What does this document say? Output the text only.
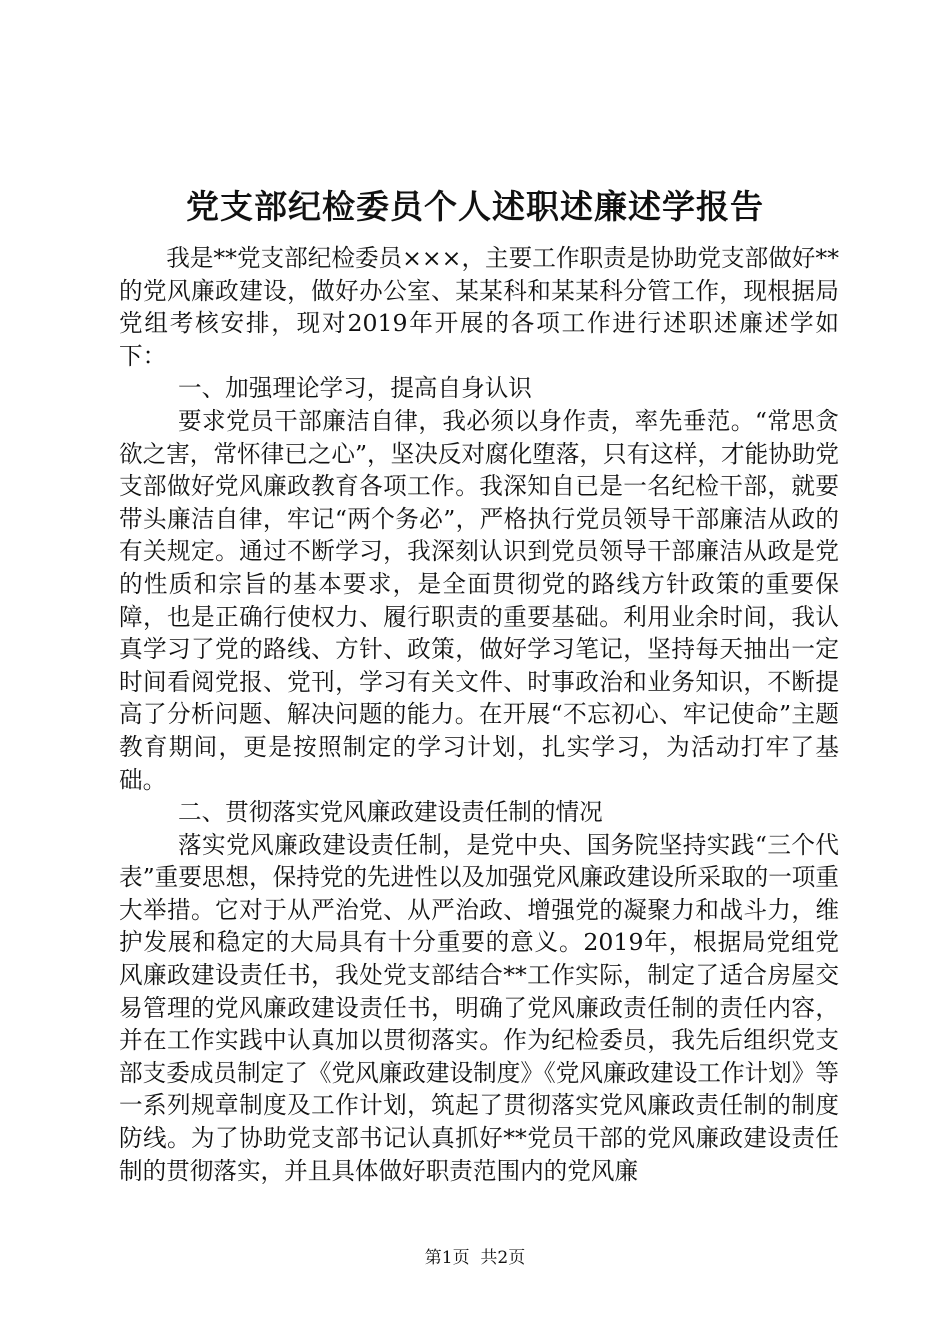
党支部纪检委员个人述职述廉述学报告

我是**党支部纪检委员×××，主要工作职责是协助党支部做好**的党风廉政建设，做好办公室、某某科和某某科分管工作，现根据局党组考核安排，现对2019年开展的各项工作进行述职述廉述学如下：

一、加强理论学习，提高自身认识

要求党员干部廉洁自律，我必须以身作责，率先垂范。“常思贪欲之害，常怀律已之心”，坚决反对腐化堕落，只有这样，才能协助党支部做好党风廉政教育各项工作。我深知自已是一名纪检干部，就要带头廉洁自律，牢记“两个务必”，严格执行党员领导干部廉洁从政的有关规定。通过不断学习，我深刻认识到党员领导干部廉洁从政是党的性质和宗旨的基本要求，是全面贯彻党的路线方针政策的重要保障，也是正确行使权力、履行职责的重要基础。利用业余时间，我认真学习了党的路线、方针、政策，做好学习笔记，坚持每天抽出一定时间看阅党报、党刊，学习有关文件、时事政治和业务知识，不断提高了分析问题、解决问题的能力。在开展“不忘初心、牢记使命”主题教育期间，更是按照制定的学习计划，扎实学习，为活动打牢了基础。

二、贯彻落实党风廉政建设责任制的情况

落实党风廉政建设责任制，是党中央、国务院坚持实践“三个代表”重要思想，保持党的先进性以及加强党风廉政建设所采取的一项重大举措。它对于从严治党、从严治政、增强党的凝聚力和战斗力，维护发展和稳定的大局具有十分重要的意义。2019年，根据局党组党风廉政建设责任书，我处党支部结合**工作实际，制定了适合房屋交易管理的党风廉政建设责任书，明确了党风廉政责任制的责任内容，并在工作实践中认真加以贯彻落实。作为纪检委员，我先后组织党支部支委成员制定了《党风廉政建设制度》《党风廉政建设工作计划》等一系列规章制度及工作计划，筑起了贯彻落实党风廉政责任制的制度防线。为了协助党支部书记认真抓好**党员干部的党风廉政建设责任制的贯彻落实，并且具体做好职责范围内的党风廉

第1页  共2页
